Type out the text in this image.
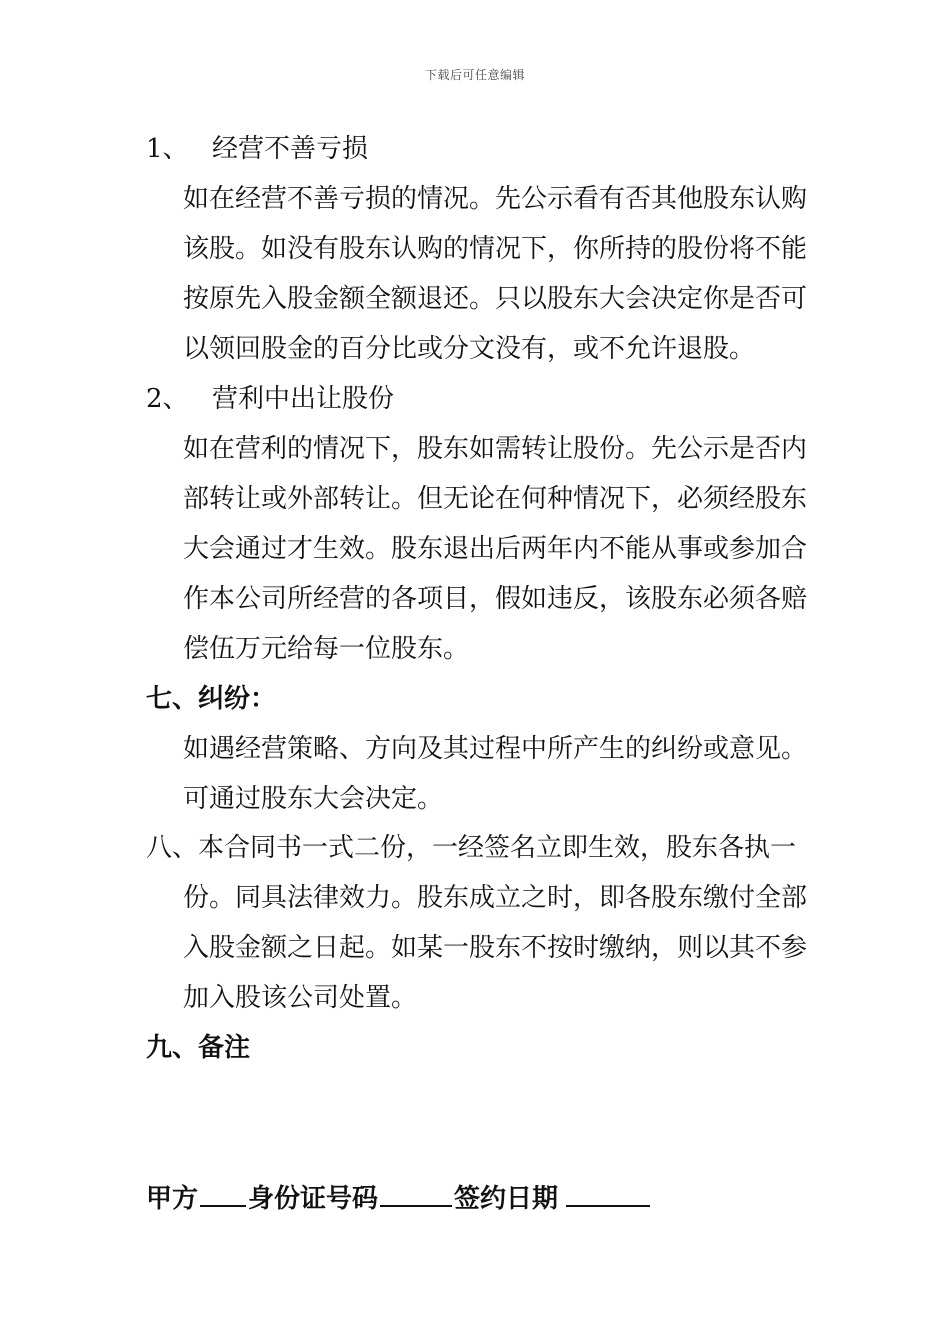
下载后可任意编辑
1、 经营不善亏损
如在经营不善亏损的情况。先公示看有否其他股东认购
该股。如没有股东认购的情况下，你所持的股份将不能
按原先入股金额全额退还。只以股东大会决定你是否可
以领回股金的百分比或分文没有，或不允许退股。
2、 营利中出让股份
如在营利的情况下，股东如需转让股份。先公示是否内
部转让或外部转让。但无论在何种情况下，必须经股东
大会通过才生效。股东退出后两年内不能从事或参加合
作本公司所经营的各项目，假如违反，该股东必须各赔
偿伍万元给每一位股东。
七、纠纷：
如遇经营策略、方向及其过程中所产生的纠纷或意见。
可通过股东大会决定。
八、本合同书一式二份，一经签名立即生效，股东各执一
份。同具法律效力。股东成立之时，即各股东缴付全部
入股金额之日起。如某一股东不按时缴纳，则以其不参
加入股该公司处置。
九、备注
甲方 身份证号码	签约日期
